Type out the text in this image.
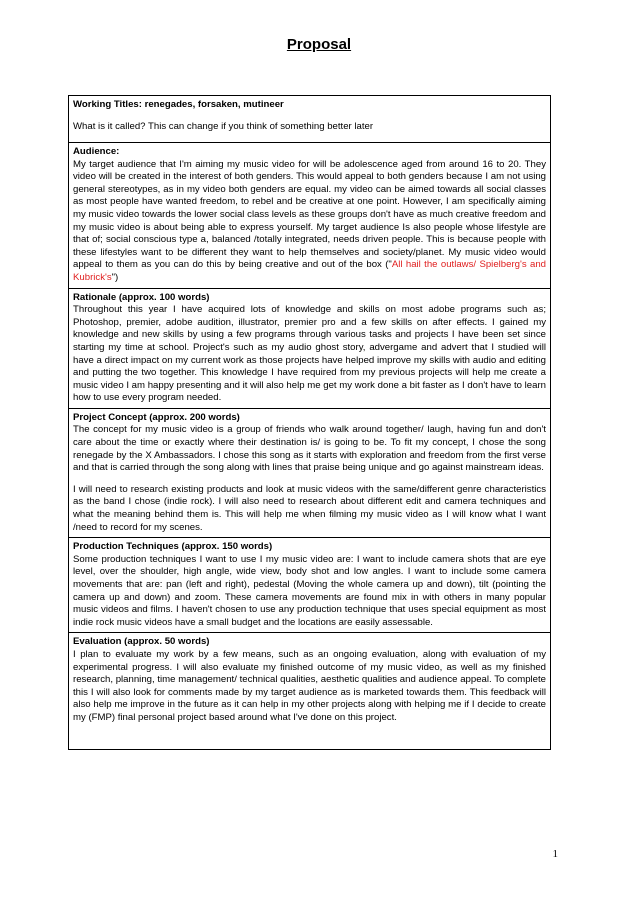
Proposal
Working Titles: renegades, forsaken, mutineer
What is it called? This can change if you think of something better later

Audience:
My target audience that I'm aiming my music video for will be adolescence aged from around 16 to 20. They video will be created in the interest of both genders. This would appeal to both genders because I am not using general stereotypes, as in my video both genders are equal. my video can be aimed towards all social classes as most people have wanted freedom, to rebel and be creative at one point. However, I am specifically aiming my music video towards the lower social class levels as these groups don't have as much creative freedom and my music video is about being able to express yourself. My target audience Is also people whose lifestyle are that of; social conscious type a, balanced /totally integrated, needs driven people. This is because people with these lifestyles want to be different they want to help themselves and society/planet. My music video would appeal to them as you can do this by being creative and out of the box ("All hail the outlaws/ Spielberg's and Kubrick's")

Rationale (approx. 100 words)
Throughout this year I have acquired lots of knowledge and skills on most adobe programs such as; Photoshop, premier, adobe audition, illustrator, premier pro and a few skills on after effects. I gained my knowledge and new skills by using a few programs through various tasks and projects I have been set since starting my time at school. Project's such as my audio ghost story, advergame and advert that I studied will have a direct impact on my current work as those projects have helped improve my skills with audio and editing and putting the two together. This knowledge I have required from my previous projects will help me create a music video I am happy presenting and it will also help me get my work done a bit faster as I don't have to learn how to use every program needed.

Project Concept (approx. 200 words)
The concept for my music video is a group of friends who walk around together/ laugh, having fun and don't care about the time or exactly where their destination is/ is going to be. To fit my concept, I chose the song renegade by the X Ambassadors. I chose this song as it starts with exploration and freedom from the first verse and that is carried through the song along with lines that praise being unique and go against mainstream ideas.
I will need to research existing products and look at music videos with the same/different genre characteristics as the band I chose (indie rock). I will also need to research about different edit and camera techniques and what the meaning behind them is. This will help me when filming my music video as I will know what I want /need to record for my scenes.

Production Techniques (approx. 150 words)
Some production techniques I want to use I my music video are: I want to include camera shots that are eye level, over the shoulder, high angle, wide view, body shot and low angles. I want to include some camera movements that are: pan (left and right), pedestal (Moving the whole camera up and down), tilt (pointing the camera up and down) and zoom. These camera movements are found mix in with others in many popular music videos and films. I haven't chosen to use any production technique that uses special equipment as most indie rock music videos have a small budget and the locations are easily assessable.

Evaluation (approx. 50 words)
I plan to evaluate my work by a few means, such as an ongoing evaluation, along with evaluation of my experimental progress. I will also evaluate my finished outcome of my music video, as well as my finished research, planning, time management/ technical qualities, aesthetic qualities and audience appeal. To complete this I will also look for comments made by my target audience as is marketed towards them. This feedback will also help me improve in the future as it can help in my other projects along with helping me if I decide to create my (FMP) final personal project based around what I've done on this project.
1
